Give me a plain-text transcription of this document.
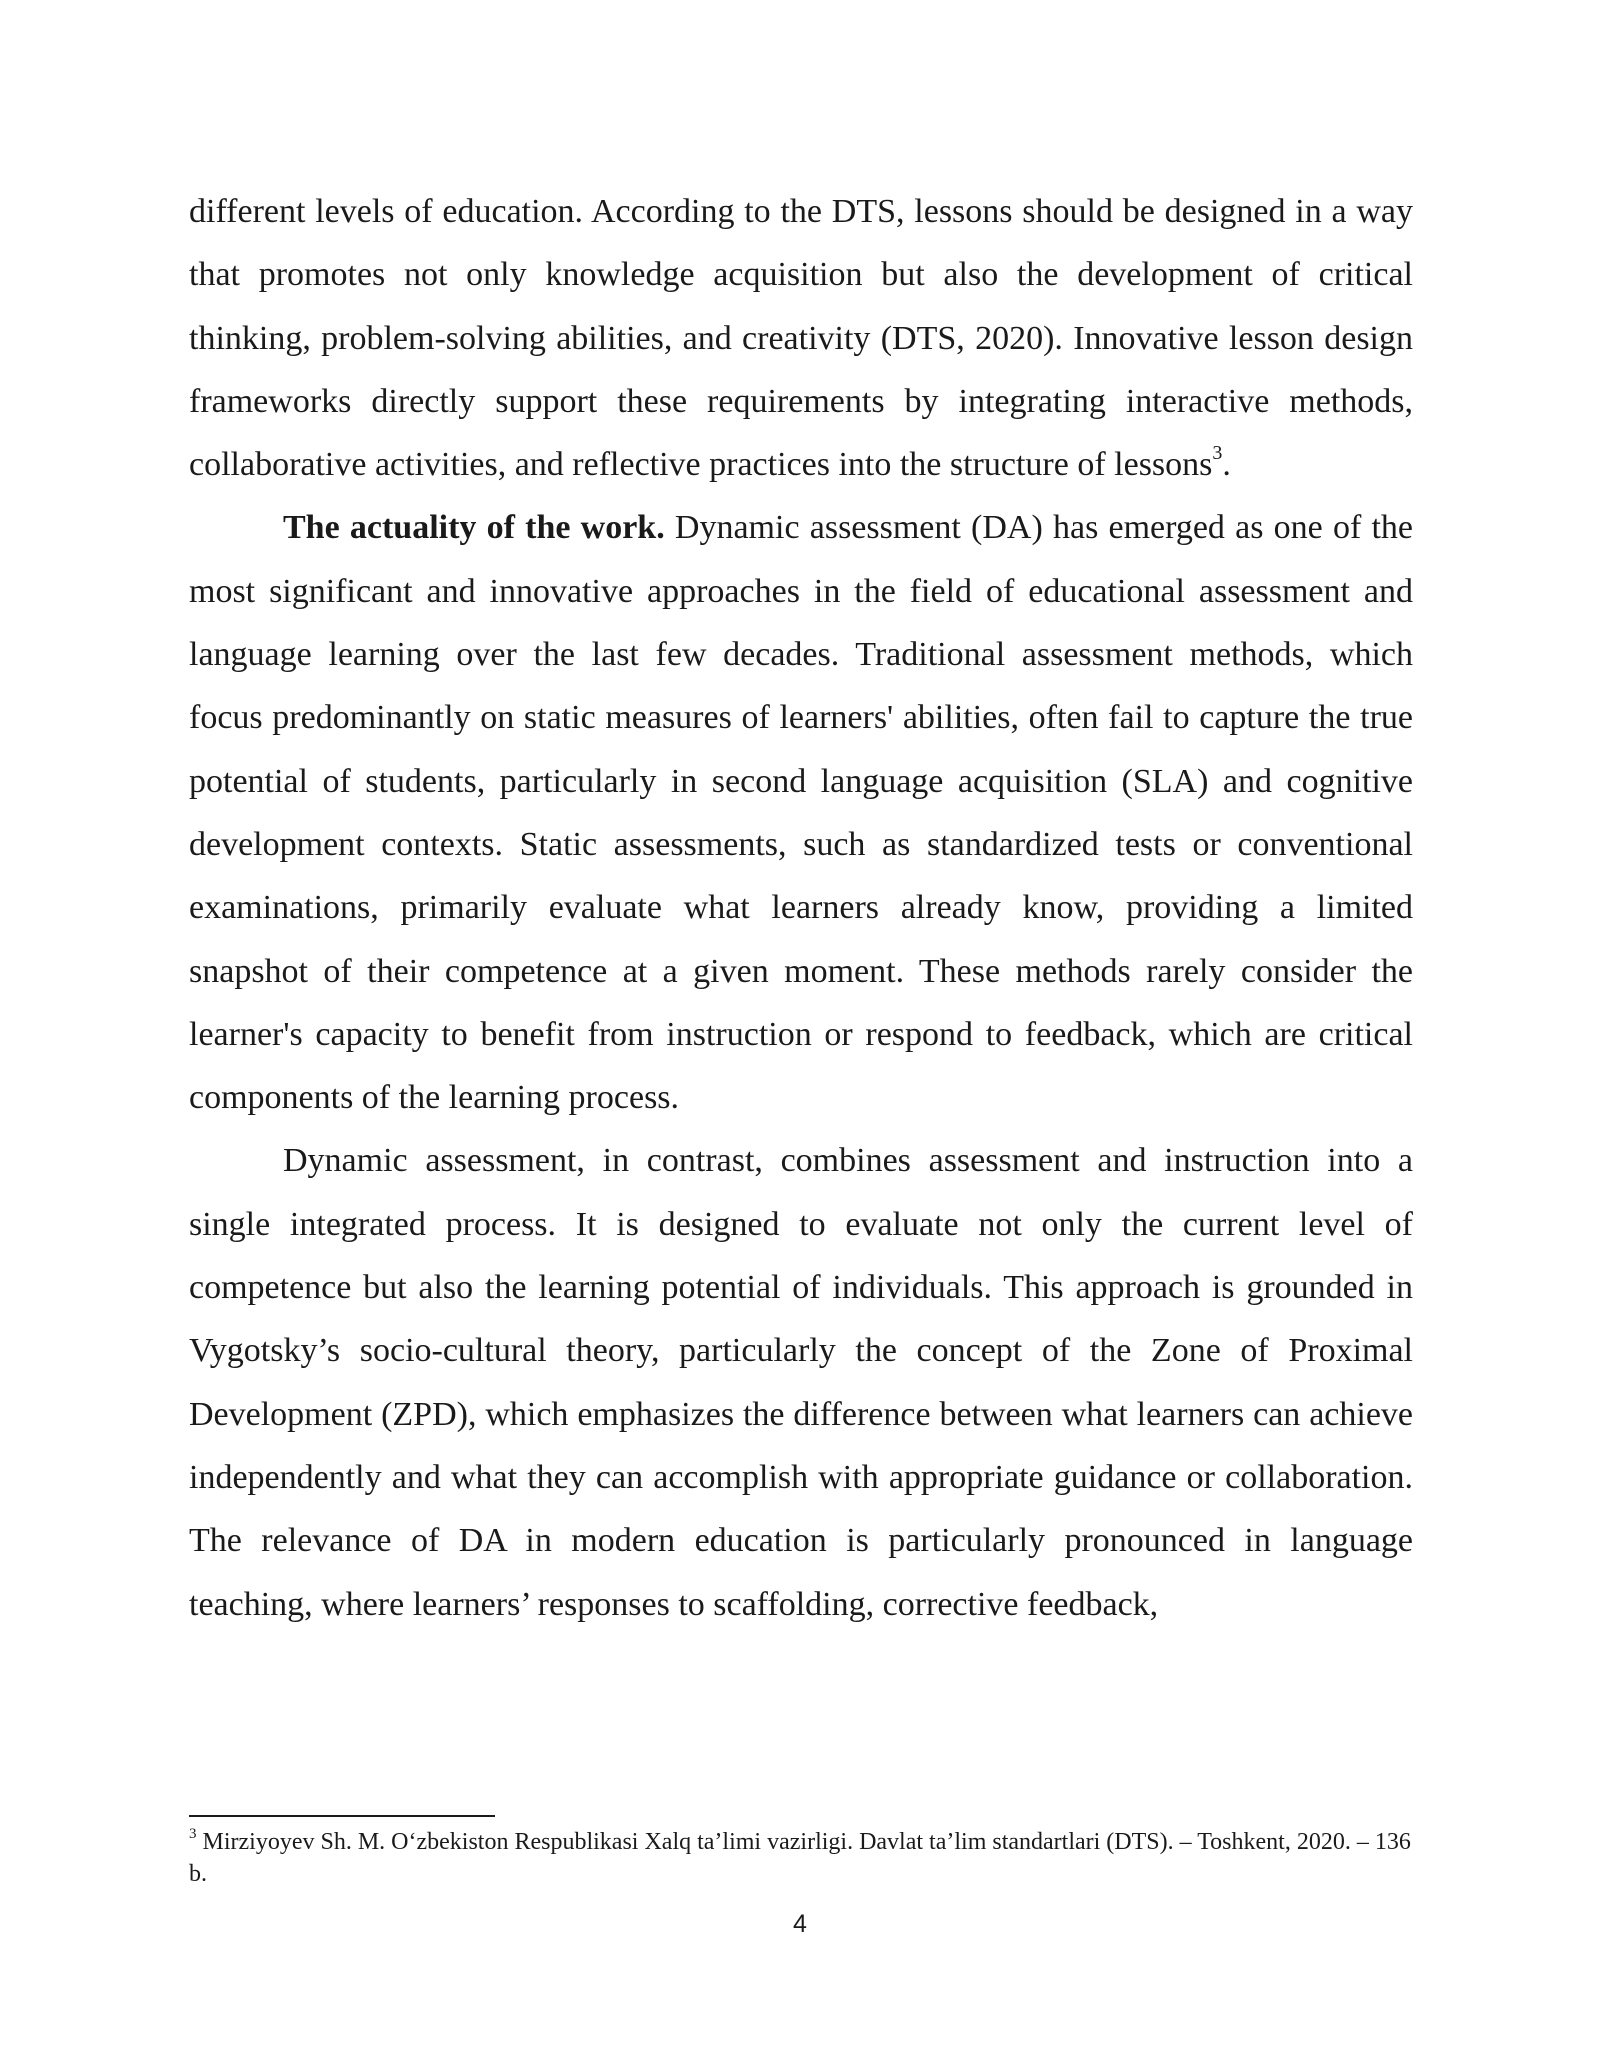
different levels of education. According to the DTS, lessons should be designed in a way that promotes not only knowledge acquisition but also the development of critical thinking, problem-solving abilities, and creativity (DTS, 2020). Innovative lesson design frameworks directly support these requirements by integrating interactive methods, collaborative activities, and reflective practices into the structure of lessons$^3$.

The actuality of the work. Dynamic assessment (DA) has emerged as one of the most significant and innovative approaches in the field of educational assessment and language learning over the last few decades. Traditional assessment methods, which focus predominantly on static measures of learners' abilities, often fail to capture the true potential of students, particularly in second language acquisition (SLA) and cognitive development contexts. Static assessments, such as standardized tests or conventional examinations, primarily evaluate what learners already know, providing a limited snapshot of their competence at a given moment. These methods rarely consider the learner's capacity to benefit from instruction or respond to feedback, which are critical components of the learning process.

Dynamic assessment, in contrast, combines assessment and instruction into a single integrated process. It is designed to evaluate not only the current level of competence but also the learning potential of individuals. This approach is grounded in Vygotsky’s socio-cultural theory, particularly the concept of the Zone of Proximal Development (ZPD), which emphasizes the difference between what learners can achieve independently and what they can accomplish with appropriate guidance or collaboration. The relevance of DA in modern education is particularly pronounced in language teaching, where learners’ responses to scaffolding, corrective feedback,

$^3$ Mirziyoyev Sh. M. O‘zbekiston Respublikasi Xalq ta’limi vazirligi. Davlat ta’lim standartlari (DTS). – Toshkent, 2020. – 136 b.

4
